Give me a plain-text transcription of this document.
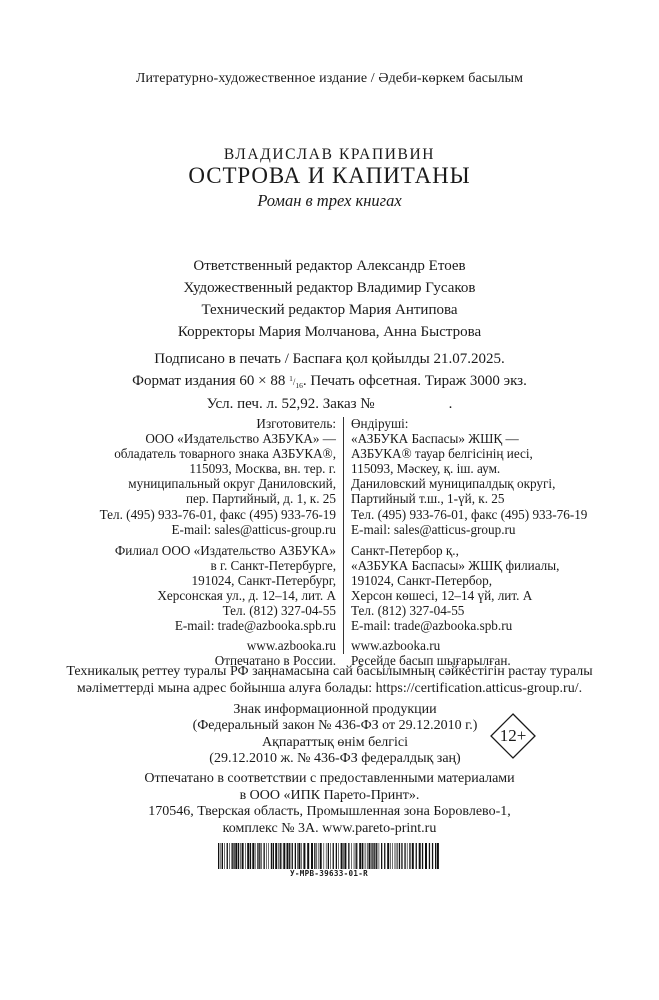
Литературно-художественное издание / Әдеби-көркем басылым
ВЛАДИСЛАВ КРАПИВИН
ОСТРОВА И КАПИТАНЫ
Роман в трех книгах
Ответственный редактор Александр Етоев
Художественный редактор Владимир Гусаков
Технический редактор Мария Антипова
Корректоры Мария Молчанова, Анна Быстрова
Подписано в печать / Баспаға қол қойылды 21.07.2025.
Формат издания 60 × 88 $^1/_{16}$. Печать офсетная. Тираж 3000 экз.
Усл. печ. л. 52,92. Заказ №	.
Изготовитель:
ООО «Издательство АЗБУКА» —
обладатель товарного знака АЗБУКА®,
115093, Москва, вн. тер. г.
муниципальный округ Даниловский,
пер. Партийный, д. 1, к. 25
Тел. (495) 933-76-01, факс (495) 933-76-19
E-mail: sales@atticus-group.ru
Филиал ООО «Издательство АЗБУКА»
в г. Санкт-Петербурге,
191024, Санкт-Петербург,
Херсонская ул., д. 12–14, лит. А
Тел. (812) 327-04-55
E-mail: trade@azbooka.spb.ru
www.azbooka.ru
Отпечатано в России.
Өндіруші:
«АЗБУКА Баспасы» ЖШҚ —
АЗБУКА® тауар белгісінің иесі,
115093, Мәскеу, қ. іш. аум.
Даниловский муниципалдық округі,
Партийный т.ш., 1-үй, к. 25
Тел. (495) 933-76-01, факс (495) 933-76-19
E-mail: sales@atticus-group.ru
Санкт-Петербор қ.,
«АЗБУКА Баспасы» ЖШҚ филиалы,
191024, Санкт-Петербор,
Херсон көшесі, 12–14 үй, лит. А
Тел. (812) 327-04-55
E-mail: trade@azbooka.spb.ru
www.azbooka.ru
Ресейде басып шығарылған.
Техникалық реттеу туралы РФ заңнамасына сай басылымның сәйкестігін растау туралы
мәліметтерді мына адрес бойынша алуға болады: https://certification.atticus-group.ru/.
Знак информационной продукции
(Федеральный закон № 436-ФЗ от 29.12.2010 г.)
Ақпараттық өнім белгісі
(29.12.2010 ж. № 436-ФЗ федералдық заң)
12+
Отпечатано в соответствии с предоставленными материалами
в ООО «ИПК Парето-Принт».
170546, Тверская область, Промышленная зона Боровлево-1,
комплекс № 3А. www.pareto-print.ru
У-МРВ-39633-01-R
